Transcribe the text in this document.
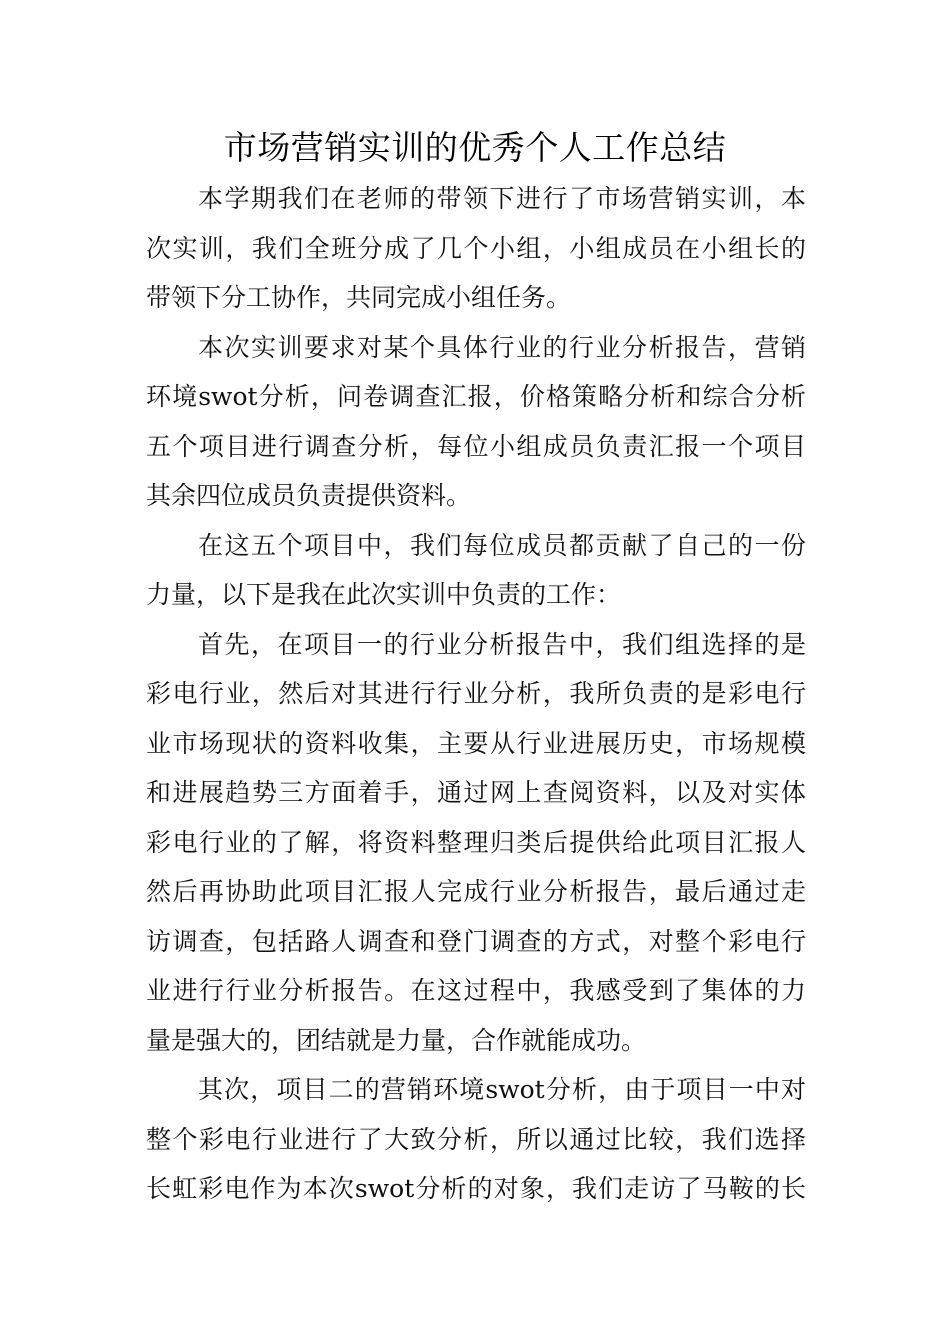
市场营销实训的优秀个人工作总结
本学期我们在老师的带领下进行了市场营销实训，本
次实训，我们全班分成了几个小组，小组成员在小组长的
带领下分工协作，共同完成小组任务。
本次实训要求对某个具体行业的行业分析报告，营销
环境swot分析，问卷调查汇报，价格策略分析和综合分析
五个项目进行调查分析，每位小组成员负责汇报一个项目
其余四位成员负责提供资料。
在这五个项目中，我们每位成员都贡献了自己的一份
力量，以下是我在此次实训中负责的工作：
首先，在项目一的行业分析报告中，我们组选择的是
彩电行业，然后对其进行行业分析，我所负责的是彩电行
业市场现状的资料收集，主要从行业进展历史，市场规模
和进展趋势三方面着手，通过网上查阅资料，以及对实体
彩电行业的了解，将资料整理归类后提供给此项目汇报人
然后再协助此项目汇报人完成行业分析报告，最后通过走
访调查，包括路人调查和登门调查的方式，对整个彩电行
业进行行业分析报告。在这过程中，我感受到了集体的力
量是强大的，团结就是力量，合作就能成功。
其次，项目二的营销环境swot分析，由于项目一中对
整个彩电行业进行了大致分析，所以通过比较，我们选择
长虹彩电作为本次swot分析的对象，我们走访了马鞍的长
